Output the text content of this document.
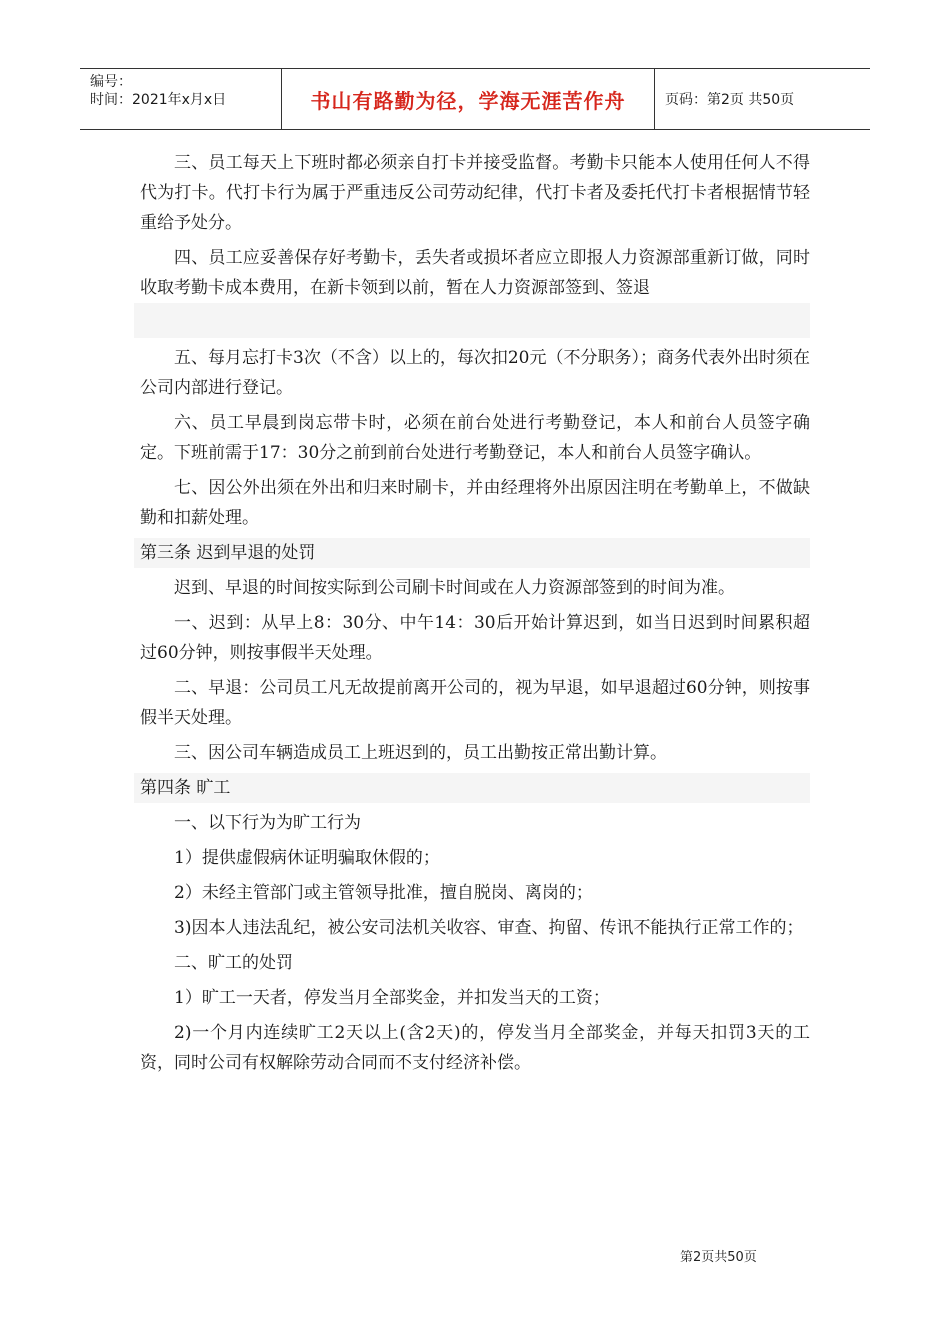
编号：
时间：2021年x月x日	书山有路勤为径，学海无涯苦作舟	页码：第2页 共50页

三、员工每天上下班时都必须亲自打卡并接受监督。考勤卡只能本人使用任何人不得代为打卡。代打卡行为属于严重违反公司劳动纪律，代打卡者及委托代打卡者根据情节轻重给予处分。

四、员工应妥善保存好考勤卡，丢失者或损坏者应立即报人力资源部重新订做，同时收取考勤卡成本费用，在新卡领到以前，暂在人力资源部签到、签退

五、每月忘打卡3次（不含）以上的，每次扣20元（不分职务）；商务代表外出时须在公司内部进行登记。

六、员工早晨到岗忘带卡时，必须在前台处进行考勤登记，本人和前台人员签字确定。下班前需于17：30分之前到前台处进行考勤登记，本人和前台人员签字确认。

七、因公外出须在外出和归来时刷卡，并由经理将外出原因注明在考勤单上，不做缺勤和扣薪处理。

第三条 迟到早退的处罚

迟到、早退的时间按实际到公司刷卡时间或在人力资源部签到的时间为准。

一、迟到：从早上8：30分、中午14：30后开始计算迟到，如当日迟到时间累积超过60分钟，则按事假半天处理。

二、早退：公司员工凡无故提前离开公司的，视为早退，如早退超过60分钟，则按事假半天处理。

三、因公司车辆造成员工上班迟到的，员工出勤按正常出勤计算。

第四条 旷工

一、以下行为为旷工行为

1）提供虚假病休证明骗取休假的；

2）未经主管部门或主管领导批准，擅自脱岗、离岗的；

3)因本人违法乱纪，被公安司法机关收容、审查、拘留、传讯不能执行正常工作的；

二、旷工的处罚

1）旷工一天者，停发当月全部奖金，并扣发当天的工资；

2)一个月内连续旷工2天以上(含2天)的，停发当月全部奖金，并每天扣罚3天的工资，同时公司有权解除劳动合同而不支付经济补偿。

第2页共50页
